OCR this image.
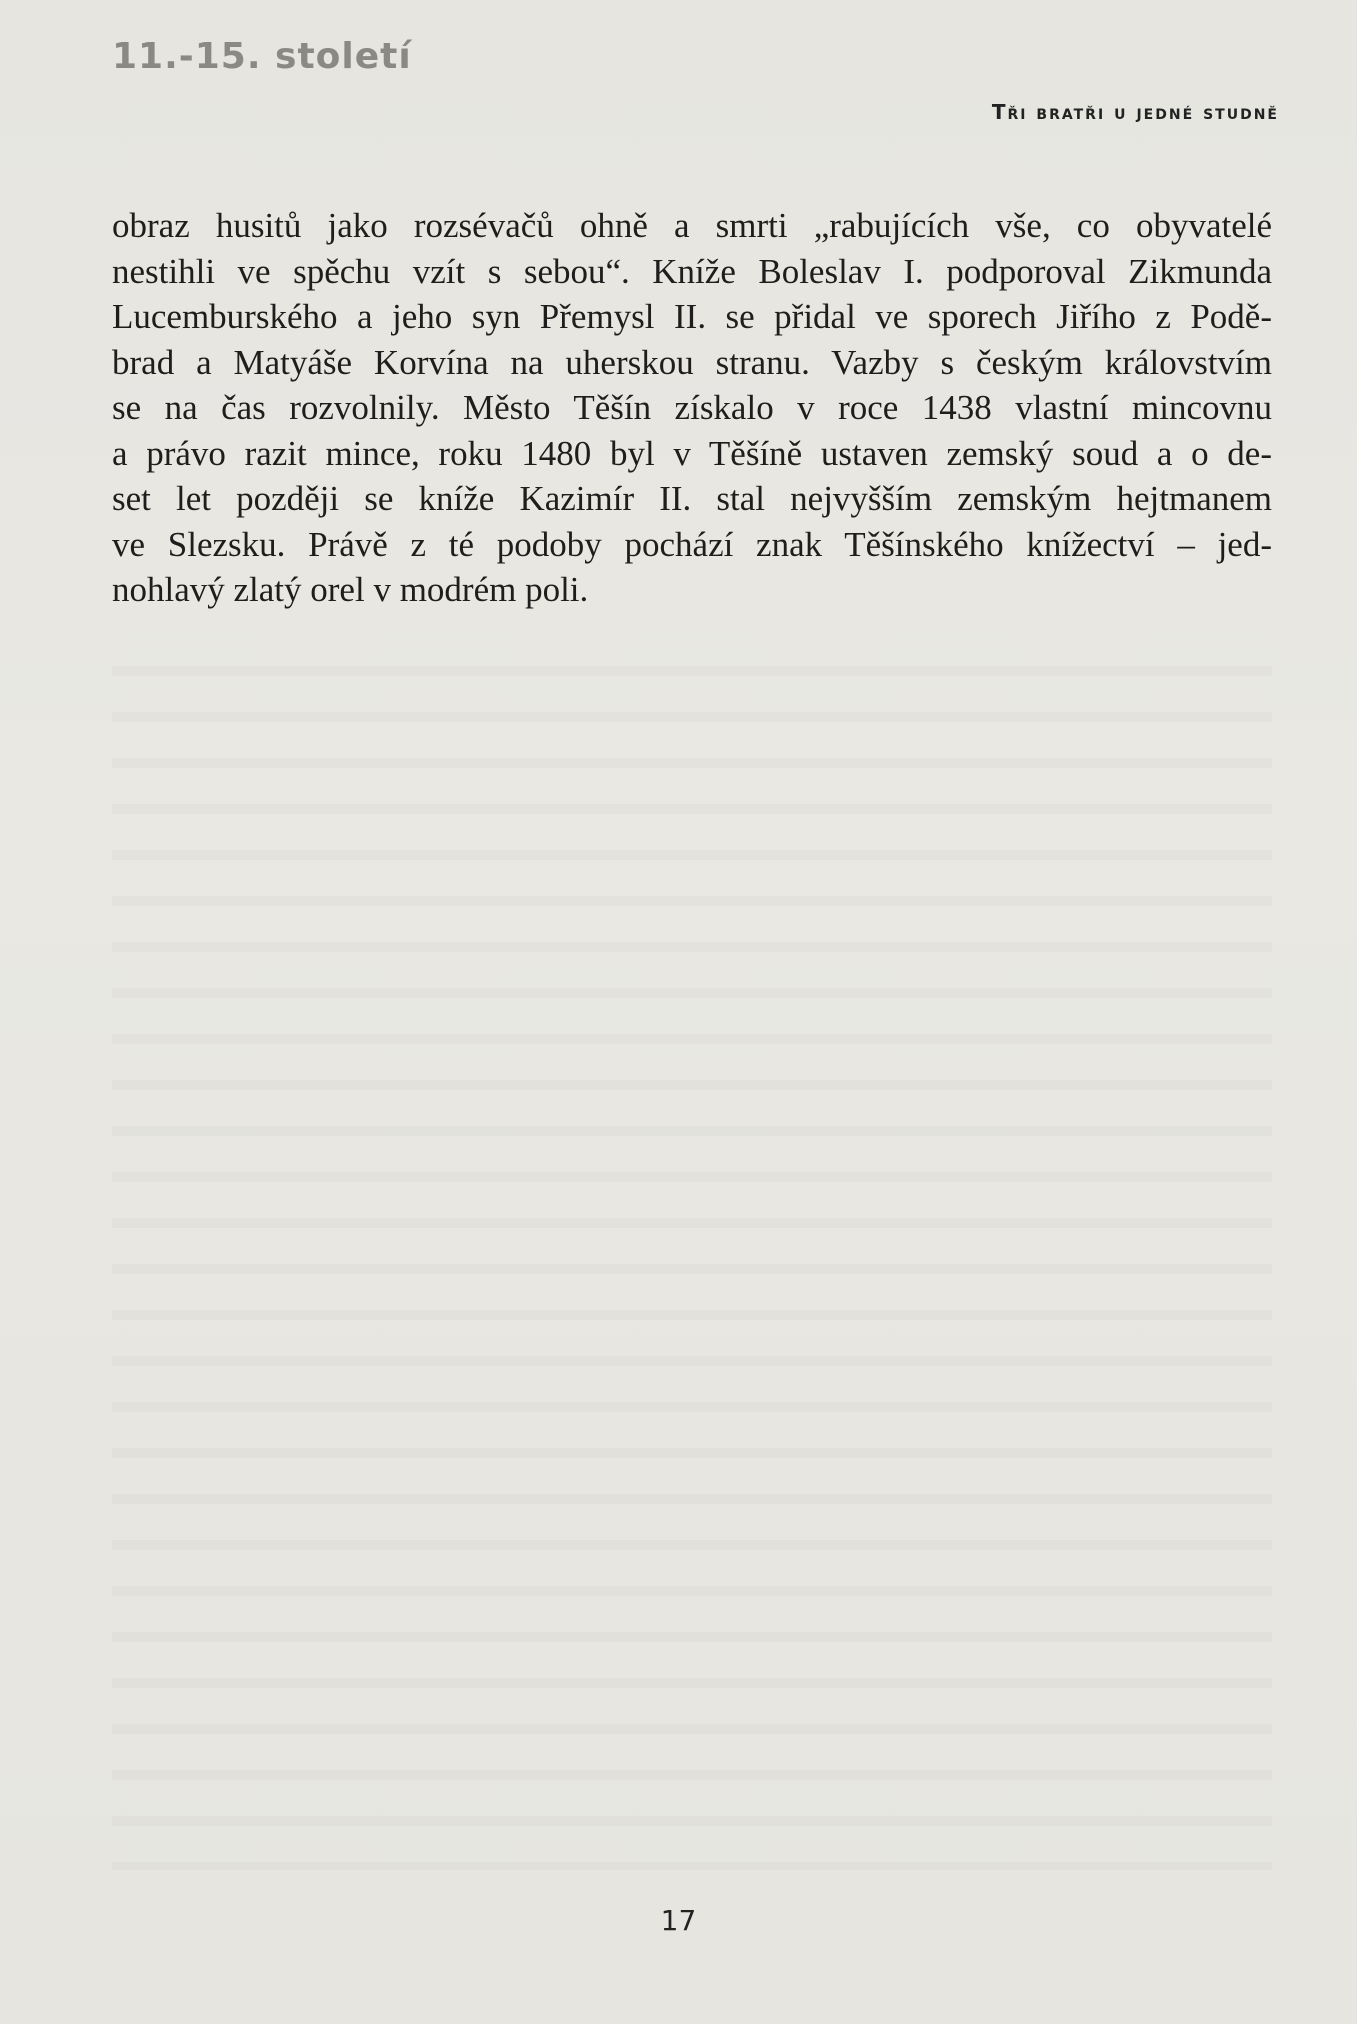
11.-15. století
Tři bratři u jedné studně
obraz husitů jako rozsévačů ohně a smrti „rabujících vše, co obyvatelé
nestihli ve spěchu vzít s sebou“. Kníže Boleslav I. podporoval Zikmunda
Lucemburského a jeho syn Přemysl II. se přidal ve sporech Jiřího z Podě-
brad a Matyáše Korvína na uherskou stranu. Vazby s českým královstvím
se na čas rozvolnily. Město Těšín získalo v roce 1438 vlastní mincovnu
a právo razit mince, roku 1480 byl v Těšíně ustaven zemský soud a o de-
set let později se kníže Kazimír II. stal nejvyšším zemským hejtmanem
ve Slezsku. Právě z té podoby pochází znak Těšínského knížectví – jed-
nohlavý zlatý orel v modrém poli.
17
